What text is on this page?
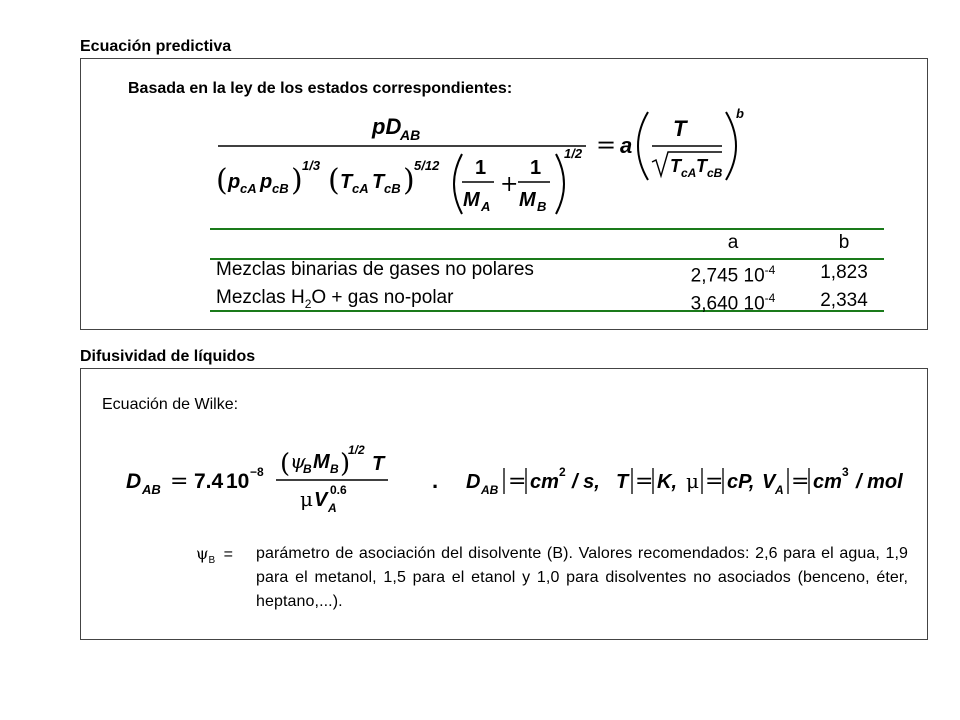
Ecuación predictiva
Basada en la ley de los estados correspondientes:
pD
AB
( p cA p cB ) 1/3 ( T cA T cB ) 5/12 1
M A
+
1
M B
1/2 = a
T
T cA T cB
b
	a	b
Mezclas binarias de gases no polares	2,745 $10^{-4}$	1,823
Mezclas $H_2O$ + gas no-polar	3,640 $10^{-4}$	2,334
Difusividad de líquidos
Ecuación de Wilke:
D AB = 7.4 10 −8 ( ψ
B M B )
1/2
T
μ V A
0.6	. D AB = cm 2 / s, T = K, μ = cP, V A = cm 3 / mol
$\psi_B$ = parámetro de asociación del disolvente (B). Valores recomendados: 2,6 para el agua, 1,9 para el metanol, 1,5 para el etanol y 1,0 para disolventes no asociados (benceno, éter, heptano,...).
